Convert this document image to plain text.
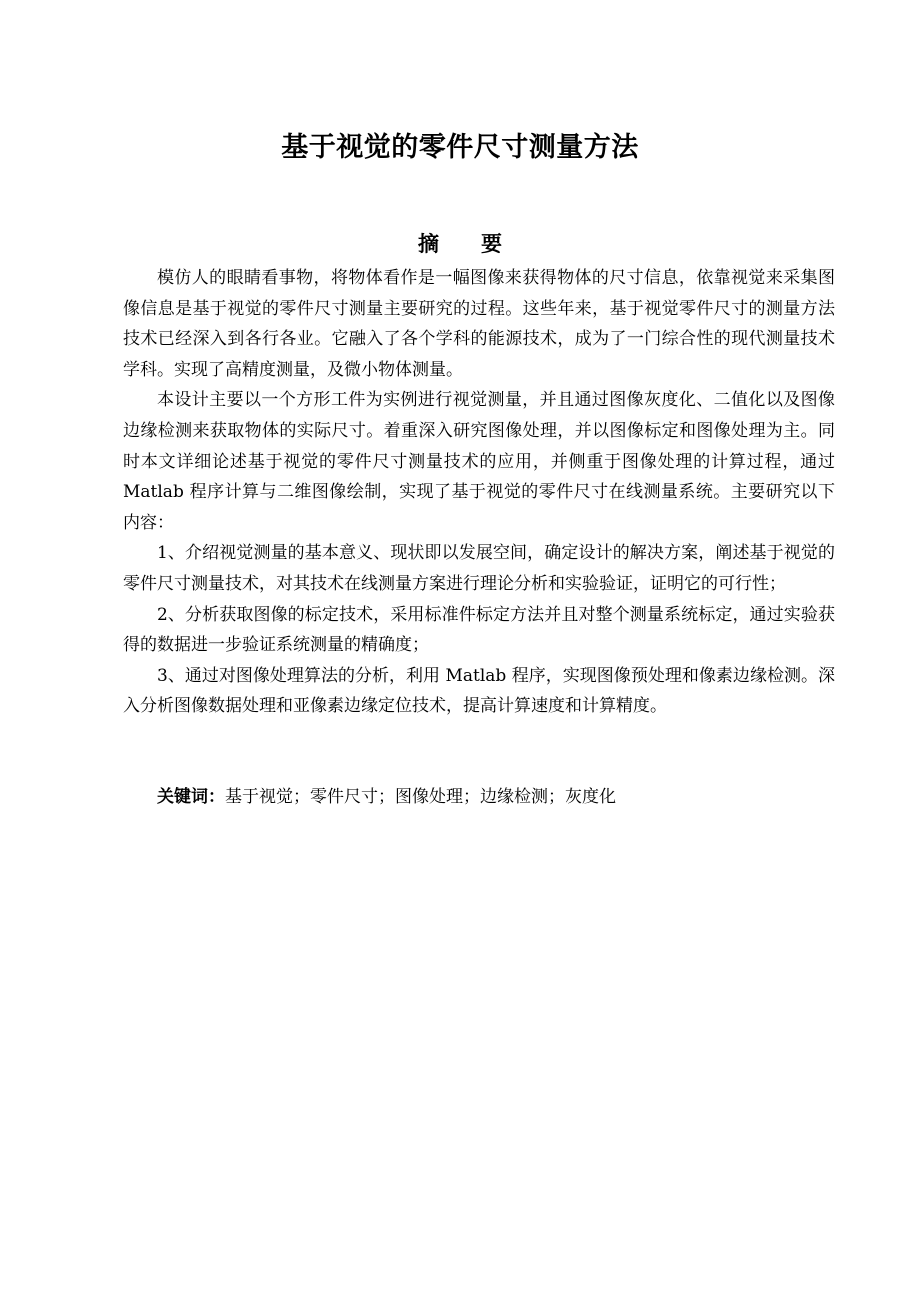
基于视觉的零件尺寸测量方法
摘要

模仿人的眼睛看事物，将物体看作是一幅图像来获得物体的尺寸信息，依靠视觉来采集图像信息是基于视觉的零件尺寸测量主要研究的过程。这些年来，基于视觉零件尺寸的测量方法技术已经深入到各行各业。它融入了各个学科的能源技术，成为了一门综合性的现代测量技术学科。实现了高精度测量，及微小物体测量。

本设计主要以一个方形工件为实例进行视觉测量，并且通过图像灰度化、二值化以及图像边缘检测来获取物体的实际尺寸。着重深入研究图像处理，并以图像标定和图像处理为主。同时本文详细论述基于视觉的零件尺寸测量技术的应用，并侧重于图像处理的计算过程，通过 Matlab 程序计算与二维图像绘制，实现了基于视觉的零件尺寸在线测量系统。主要研究以下内容：

1、介绍视觉测量的基本意义、现状即以发展空间，确定设计的解决方案，阐述基于视觉的零件尺寸测量技术，对其技术在线测量方案进行理论分析和实验验证，证明它的可行性；

2、分析获取图像的标定技术，采用标准件标定方法并且对整个测量系统标定，通过实验获得的数据进一步验证系统测量的精确度；

3、通过对图像处理算法的分析，利用 Matlab 程序，实现图像预处理和像素边缘检测。深入分析图像数据处理和亚像素边缘定位技术，提高计算速度和计算精度。

关键词：基于视觉；零件尺寸；图像处理；边缘检测；灰度化
